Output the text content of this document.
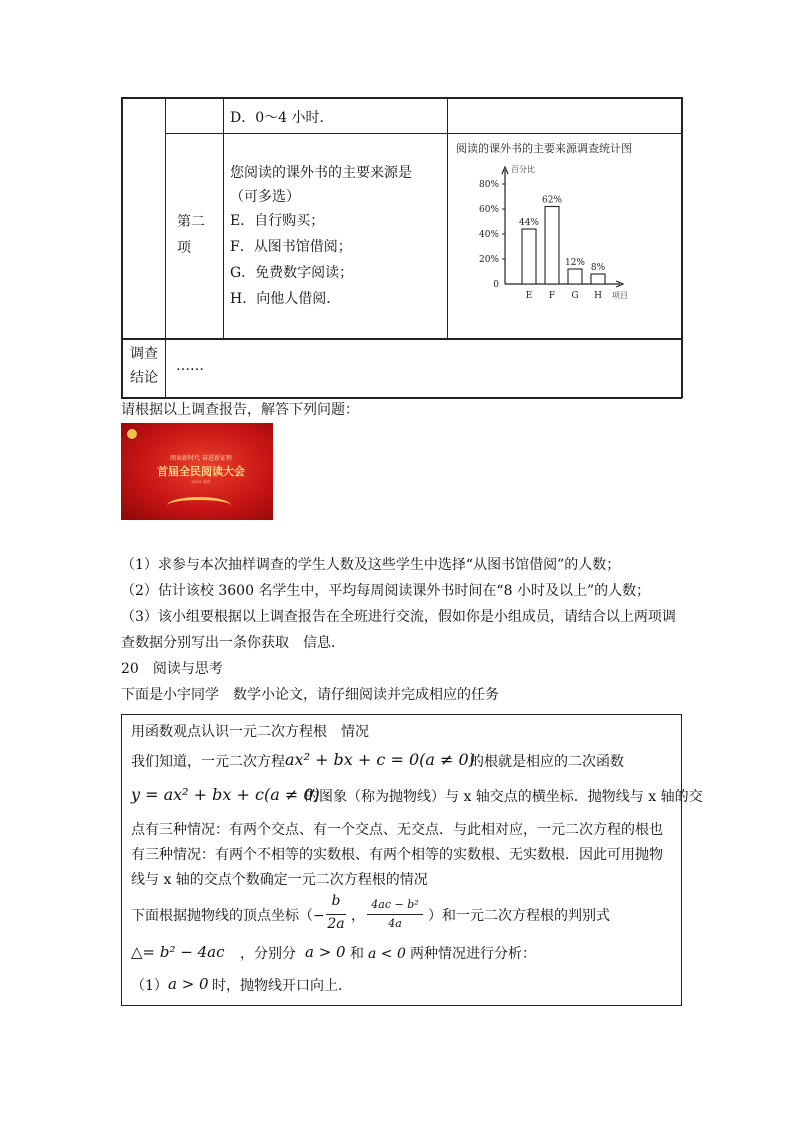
D．0～4 小时．
第二
项
您阅读的课外书的主要来源是
（可多选）
E．自行购买；
F．从图书馆借阅；
G．免费数字阅读；
H．向他人借阅．
调查
结论
……
阅读的课外书的主要来源调查统计图
百分比
项目
0
20%
40%
60%
80%
44%
E
62%
F
12%
G
8%
H
请根据以上调查报告，解答下列问题：
阅读新时代 奋进新征程
首届全民阅读大会
2022·北京
（1）求参与本次抽样调查的学生人数及这些学生中选择“从图书馆借阅”的人数；
（2）估计该校 3600 名学生中，平均每周阅读课外书时间在“8 小时及以上”的人数；
（3）该小组要根据以上调查报告在全班进行交流，假如你是小组成员，请结合以上两项调
查数据分别写出一条你获取　信息．
20　阅读与思考
下面是小宇同学　数学小论文，请仔细阅读并完成相应的任务
用函数观点认识一元二次方程根　情况
我们知道，一元二次方程 ax² + bx + c = 0(a ≠ 0)
的根就是相应的二次函数
y = ax² + bx + c(a ≠ 0)
的图象（称为抛物线）与 x 轴交点的横坐标．抛物线与 x 轴的交
点有三种情况：有两个交点、有一个交点、无交点．与此相对应，一元二次方程的根也
有三种情况：有两个不相等的实数根、有两个相等的实数根、无实数根．因此可用抛物
线与 x 轴的交点个数确定一元二次方程根的情况
下面根据抛物线的顶点坐标（ −
b
2a ，
4ac − b²
4a	）和一元二次方程根的判别式
△= b² − 4ac ，分别分 a > 0 和 a < 0 两种情况进行分析：
（1） a > 0 时，抛物线开口向上．
